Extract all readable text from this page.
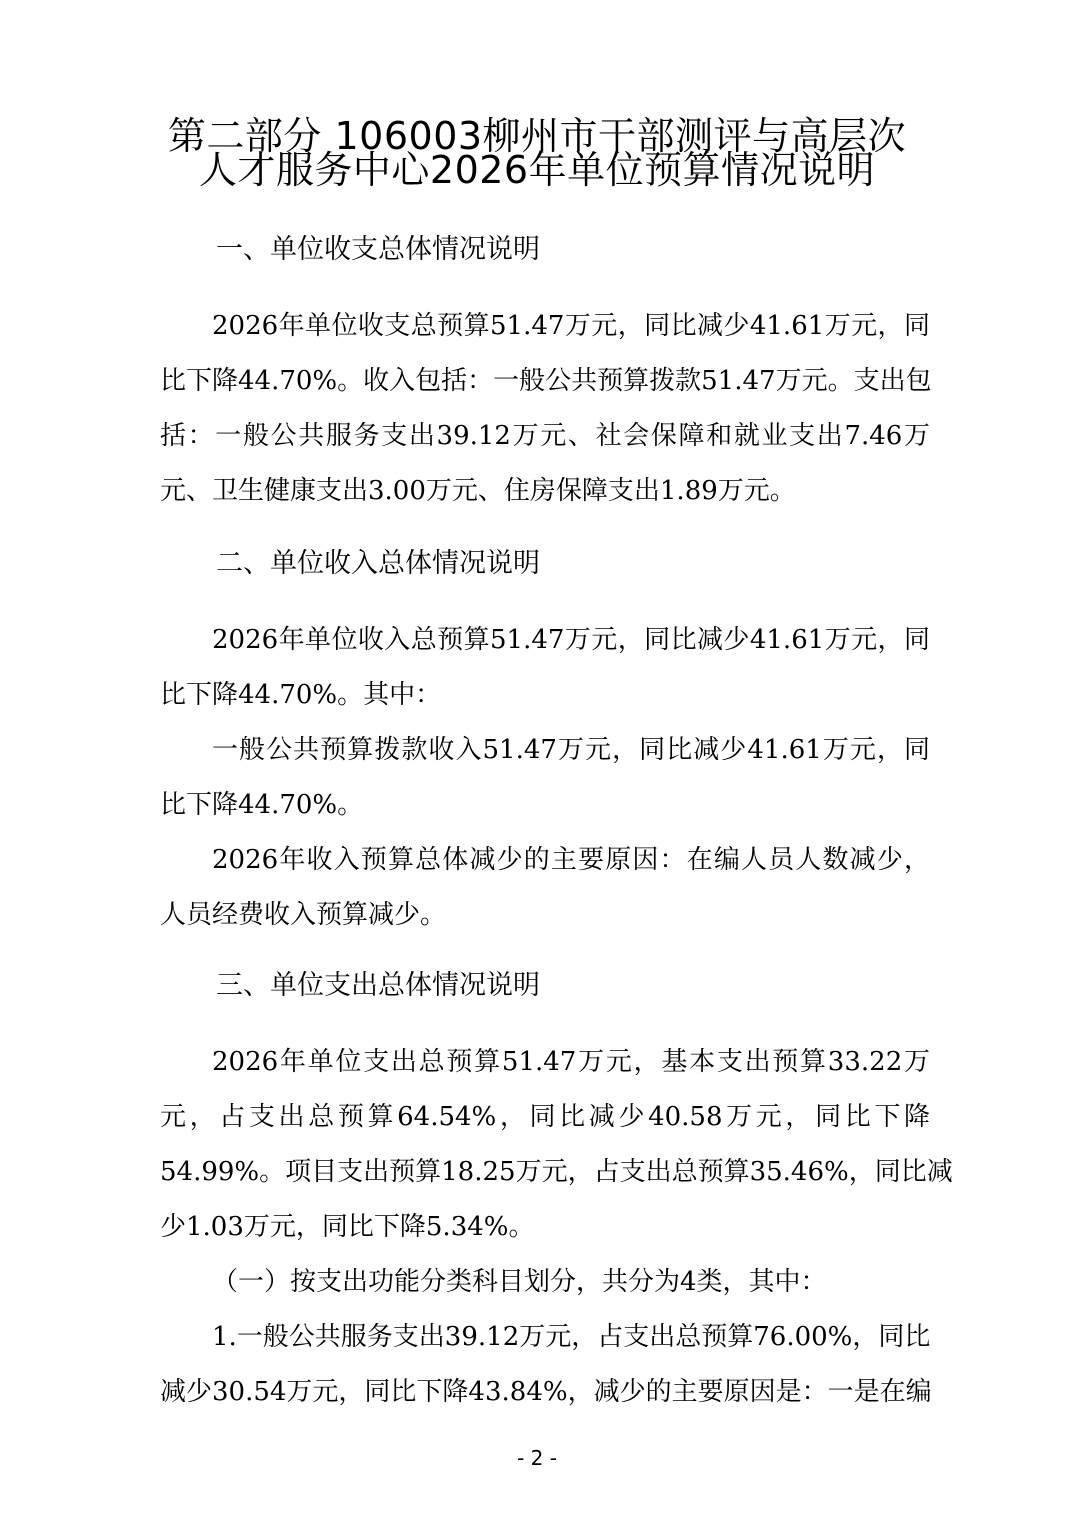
第二部分 106003柳州市干部测评与高层次
人才服务中心2026年单位预算情况说明
一、单位收支总体情况说明
2026年单位收支总预算51.47万元，同比减少41.61万元，同
比下降44.70%。收入包括：一般公共预算拨款51.47万元。支出包
括：一般公共服务支出39.12万元、社会保障和就业支出7.46万
元、卫生健康支出3.00万元、住房保障支出1.89万元。
二、单位收入总体情况说明
2026年单位收入总预算51.47万元，同比减少41.61万元，同
比下降44.70%。其中：
一般公共预算拨款收入51.47万元，同比减少41.61万元，同
比下降44.70%。
2026年收入预算总体减少的主要原因：在编人员人数减少，
人员经费收入预算减少。
三、单位支出总体情况说明
2026年单位支出总预算51.47万元，基本支出预算33.22万
元，占支出总预算64.54%，同比减少40.58万元，同比下降
54.99%。项目支出预算18.25万元，占支出总预算35.46%，同比减
少1.03万元，同比下降5.34%。
（一）按支出功能分类科目划分，共分为4类，其中：
1.一般公共服务支出39.12万元，占支出总预算76.00%，同比
减少30.54万元，同比下降43.84%，减少的主要原因是：一是在编
- 2 -
